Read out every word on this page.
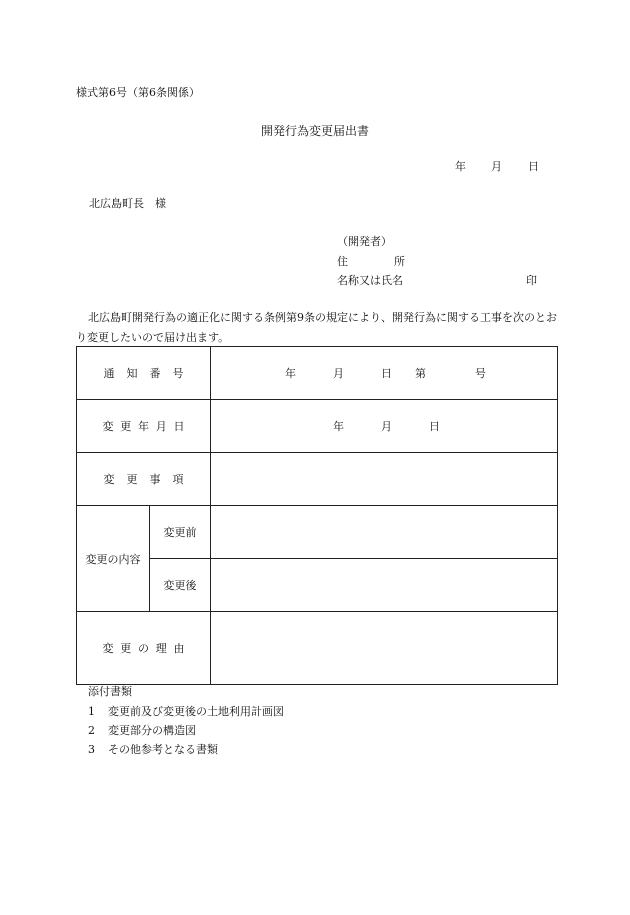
様式第6号（第6条関係）
開発行為変更届出書
年 月 日
北広島町長　様
（開発者）
住	所
名称又は氏名	印
北広島町開発行為の適正化に関する条例第9条の規定により、開発行為に関する工事を次のとおり変更したいので届け出ます。
通 知 番 号		年 月 日 第 号

変 更 年 月 日		年 月 日

変 更 事 項		

変更の内容	変更前	
	変更後	

変 更 の 理 由		

添付書類
1 変更前及び変更後の土地利用計画図
2 変更部分の構造図
3 その他参考となる書類
